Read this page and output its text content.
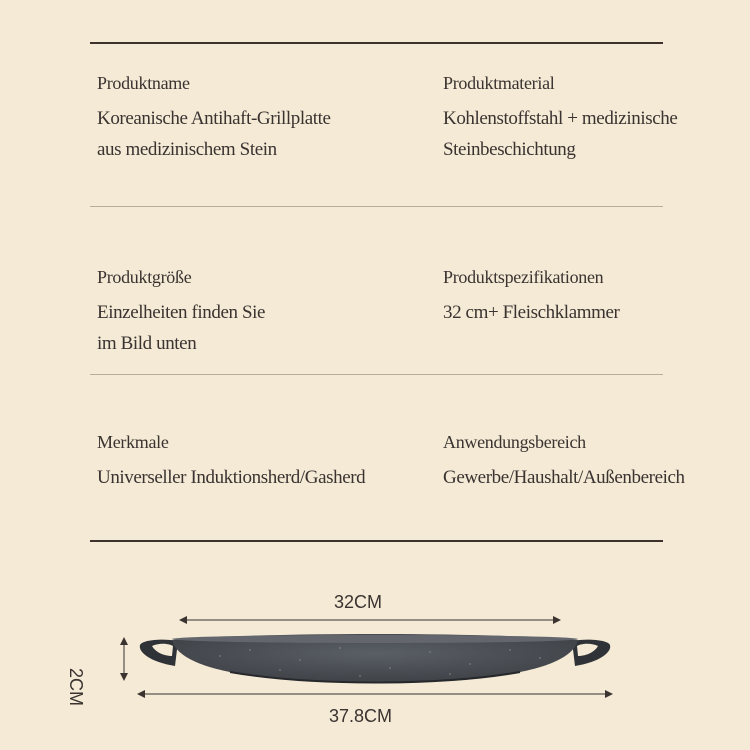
Produktname
Koreanische Antihaft-Grillplatte
aus medizinischem Stein
Produktmaterial
Kohlenstoffstahl + medizinische
Steinbeschichtung
Produktgröße
Einzelheiten finden Sie
im Bild unten
Produktspezifikationen
32 cm+ Fleischklammer
Merkmale
Universeller Induktionsherd/Gasherd
Anwendungsbereich
Gewerbe/Haushalt/Außenbereich
32CM
2CM
37.8CM
